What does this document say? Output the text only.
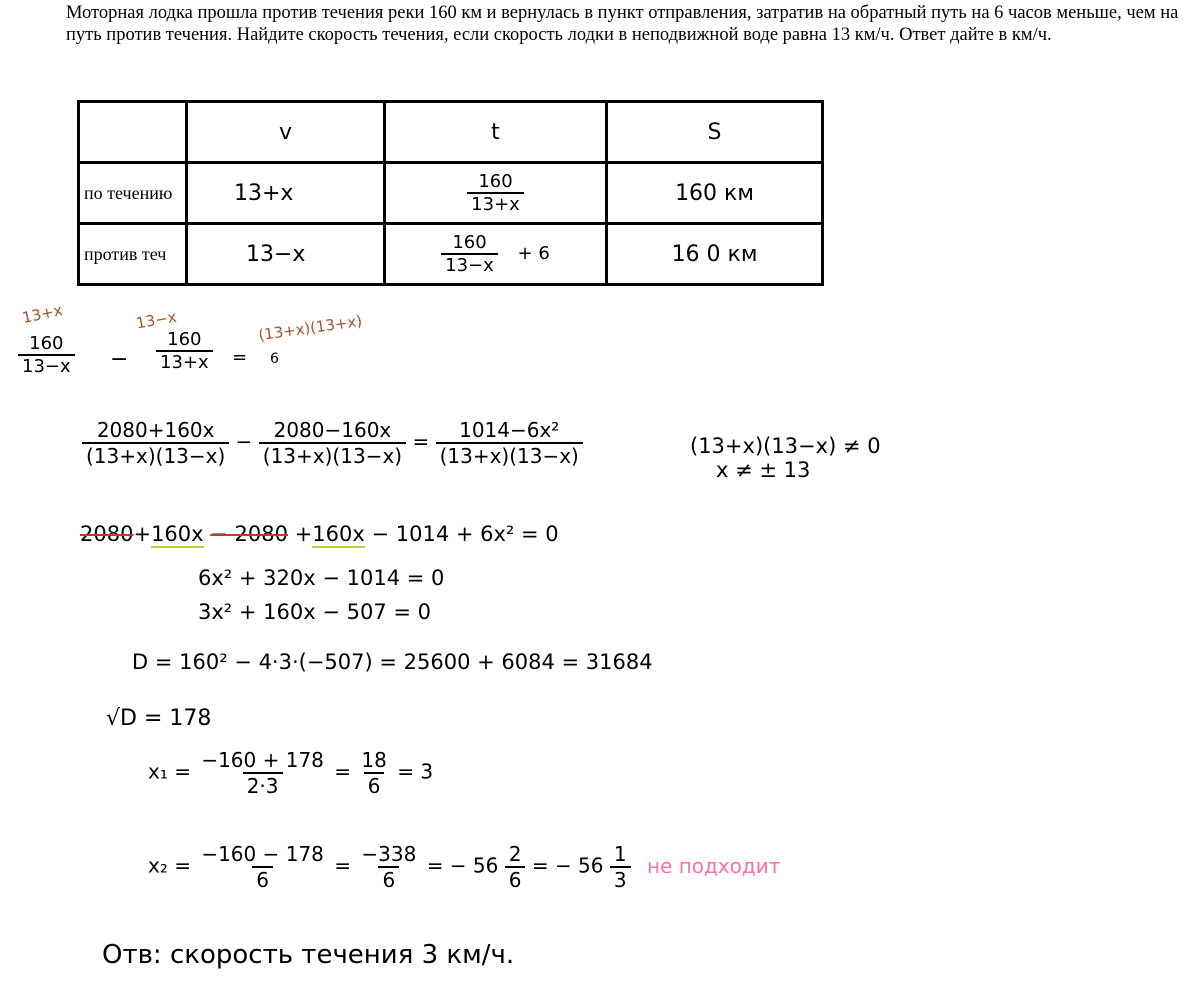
Моторная лодка прошла против течения реки 160 км и вернулась в пункт отправления, затратив на обратный путь на 6 часов меньше, чем на путь против течения. Найдите скорость течения, если скорость лодки в неподвижной воде равна 13 км/ч. Ответ дайте в км/ч.
	v	t	S
по течению	13+x	$\frac{160}{13+x}$	160 км
против теч	13−x	$\frac{160}{13-x} + 6$	16 0 км
13+x
$\frac{160}{13-x}$ −
13−x
$\frac{160}{13+x}$ =
(13+x)(13+x)
6
$\frac{2080+160x}{(13+x)(13-x)} - \frac{2080-160x}{(13+x)(13-x)} = \frac{\text{1014−6x²}}{(13+x)(13-x)}$	(13+x)(13−x) ≠ 0
x ≠ ± 13
2080+160x − 2080 +160x − 1014 + 6x² = 0
6x² + 320x − 1014 = 0
3x² + 160x − 507 = 0
D = 160² − 4·3·(−507) = 25600 + 6084 = 31684
√D = 178
$x_1 = \frac{-160 + 178}{2\cdot 3} = \frac{18}{6} = 3$
$x_2 = \frac{-160 - 178}{6} = \frac{-338}{6}$ = − $56 \frac{2}{6}$ = − $56 \frac{1}{3}$ не подходит
Отв: скорость течения 3 км/ч.
